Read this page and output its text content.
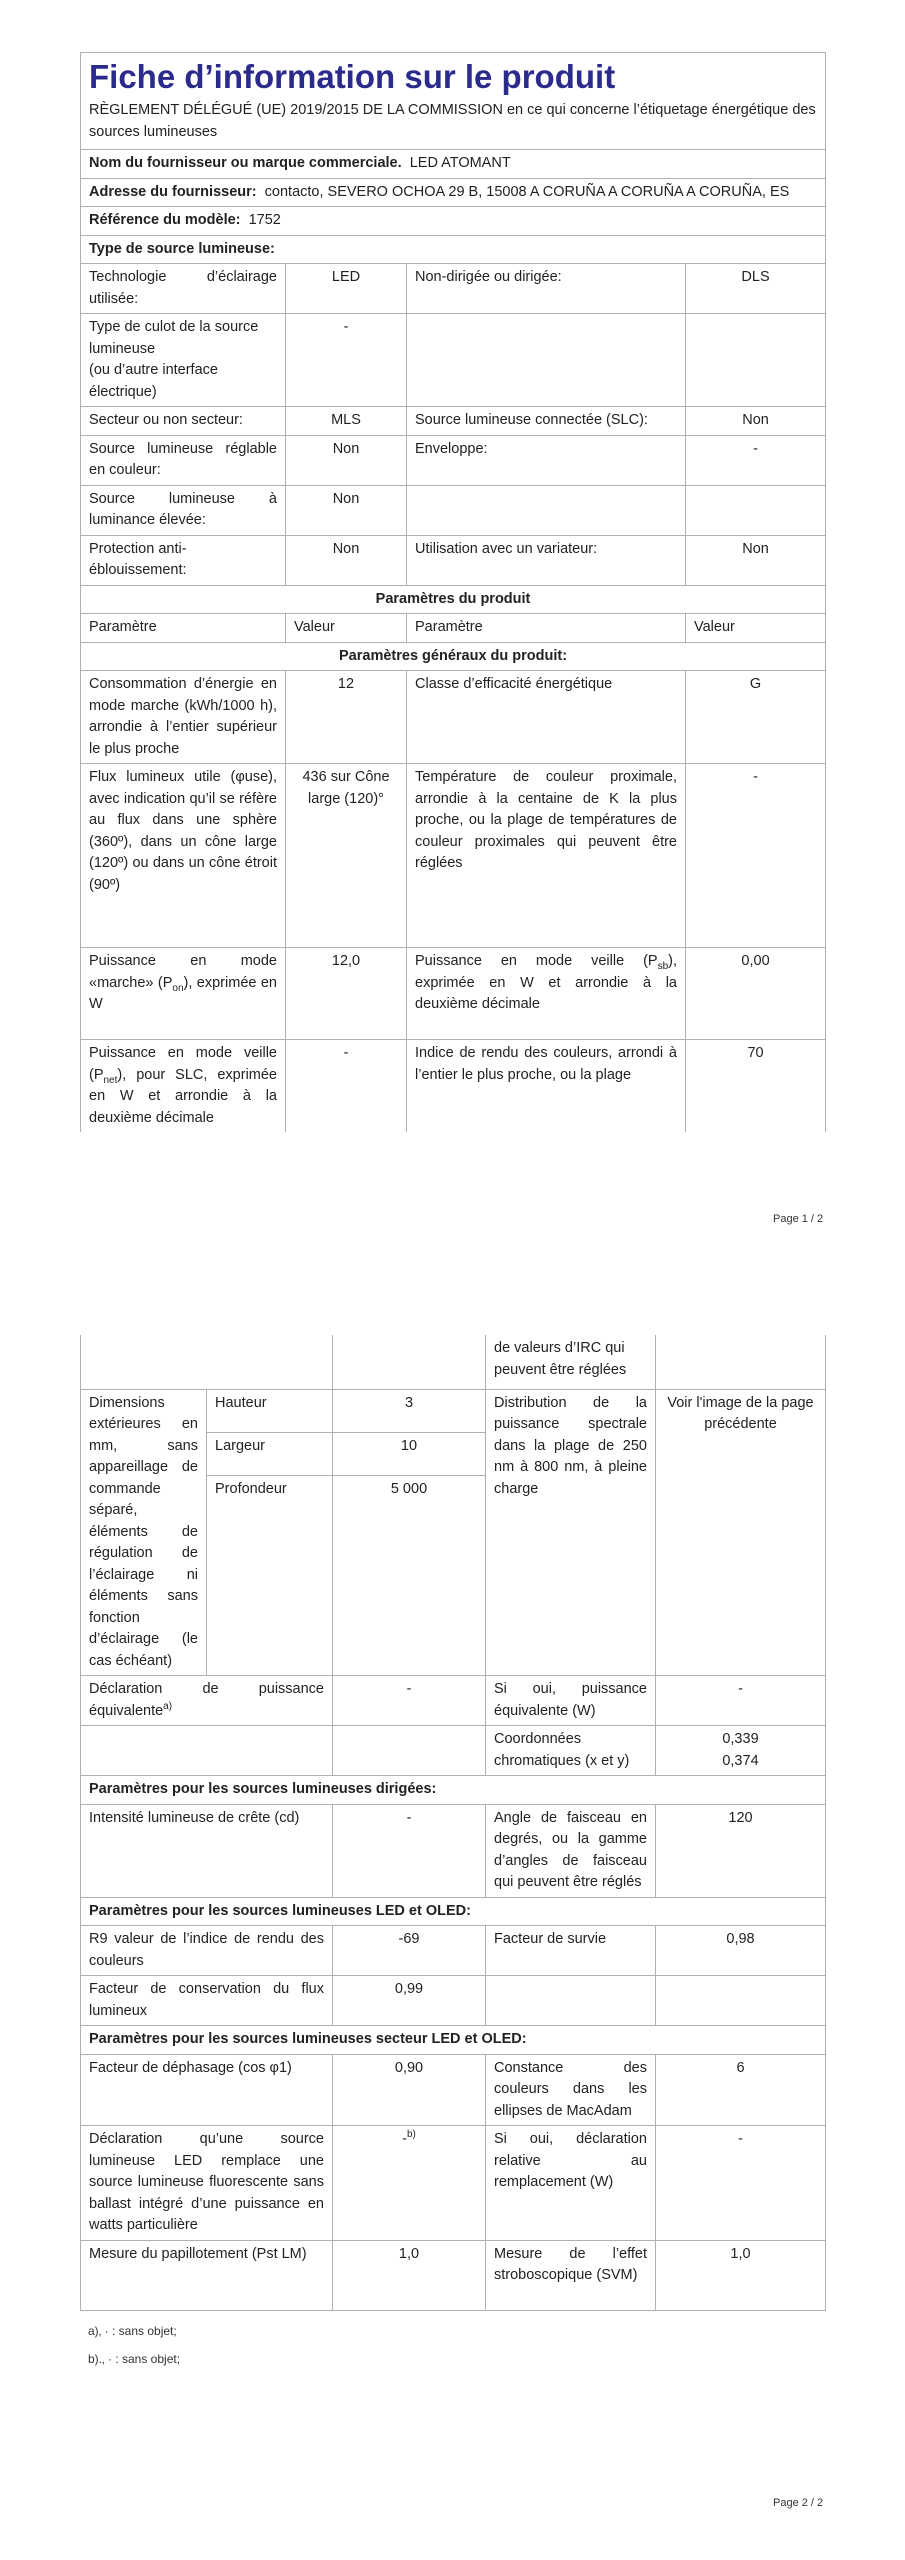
Fiche d’information sur le produit			
RÈGLEMENT DÉLÉGUÉ (UE) 2019/2015 DE LA COMMISSION en ce qui concerne l’étiquetage énergétique des sources lumineuses			
Nom du fournisseur ou marque commerciale. LED ATOMANT			
Adresse du fournisseur: contacto, SEVERO OCHOA 29 B, 15008 A CORUÑA A CORUÑA A CORUÑA, ES			
Référence du modèle: 1752			
Type de source lumineuse:			
Technologie d’éclairage utilisée:	LED	Non-dirigée ou dirigée:	DLS

Type de culot de la source lumineuse
(ou d’autre interface électrique)	-		
Secteur ou non secteur:	MLS	Source lumineuse connectée (SLC):	Non
Source lumineuse réglable en couleur:	Non	Enveloppe:	-
Source lumineuse à luminance élevée:	Non		
Protection anti-éblouissement:	Non	Utilisation avec un variateur:	Non
Paramètres du produit			
Paramètre	Valeur	Paramètre	Valeur
Paramètres généraux du produit:			
Consommation d’énergie en mode marche (kWh/1000 h), arrondie à l’entier supérieur le plus proche	12	Classe d’efficacité énergétique	G
Flux lumineux utile (φuse), avec indication qu’il se réfère au flux dans une sphère (360º), dans un cône large (120º) ou dans un cône étroit (90º)	436 sur Cône large (120)°	Température de couleur proximale, arrondie à la centaine de K la plus proche, ou la plage de températures de couleur proximales qui peuvent être réglées	-
Puissance en mode «marche» $(P_{on})$, exprimée en W	12,0	Puissance en mode veille $(P_{sb})$, exprimée en W et arrondie à la deuxième décimale	0,00
Puissance en mode veille $(P_{net})$, pour SLC, exprimée en W et arrondie à la deuxième décimale	-	Indice de rendu des couleurs, arrondi à l’entier le plus proche, ou la plage	70
Page 1 / 2
			de valeurs d’IRC qui peuvent être réglées	
Dimensions extérieures en mm, sans appareillage de commande séparé, éléments de régulation de l’éclairage ni éléments sans fonction d’éclairage (le cas échéant)	Hauteur	3	Distribution de la puissance spectrale dans la plage de 250 nm à 800 nm, à pleine charge	Voir l'image de la page précédente
	Largeur	10		
	Profondeur	5 000		
Déclaration de puissance équivalente$^{a)}$		-	Si oui, puissance équivalente (W)	-
			Coordonnées chromatiques (x et y)	0,339
0,374

Paramètres pour les sources lumineuses dirigées:				
Intensité lumineuse de crête (cd)		-	Angle de faisceau en degrés, ou la gamme d’angles de faisceau qui peuvent être réglés	120
Paramètres pour les sources lumineuses LED et OLED:				
R9 valeur de l’indice de rendu des couleurs		-69	Facteur de survie	0,98
Facteur de conservation du flux lumineux		0,99		
Paramètres pour les sources lumineuses secteur LED et OLED:				
Facteur de déphasage (cos φ1)		0,90	Constance des couleurs dans les ellipses de MacAdam	6
Déclaration qu’une source lumineuse LED remplace une source lumineuse fluorescente sans ballast intégré d’une puissance en watts particulière		-$^{b)}$	Si oui, déclaration relative au remplacement (W)	-
Mesure du papillotement (Pst LM)		1,0	Mesure de l’effet stroboscopique (SVM)	1,0
a)‚ · : sans objet;
b).‚ · : sans objet;
Page 2 / 2
